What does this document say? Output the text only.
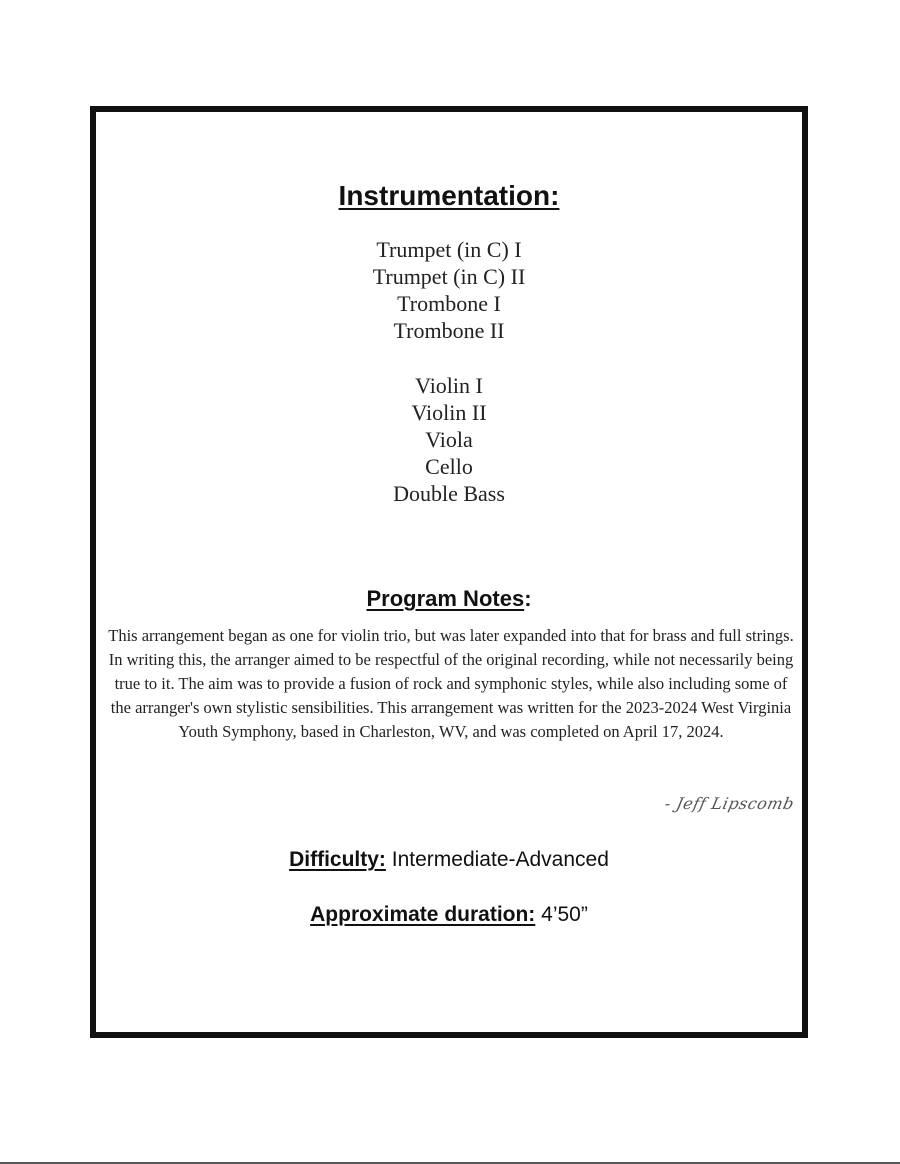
Instrumentation:
Trumpet (in C) I
Trumpet (in C) II
Trombone I
Trombone II
Violin I
Violin II
Viola
Cello
Double Bass
Program Notes:
This arrangement began as one for violin trio, but was later expanded into that for brass and full strings. In writing this, the arranger aimed to be respectful of the original recording, while not necessarily being true to it. The aim was to provide a fusion of rock and symphonic styles, while also including some of the arranger's own stylistic sensibilities. This arrangement was written for the 2023-2024 West Virginia Youth Symphony, based in Charleston, WV, and was completed on April 17, 2024.
- Jeff Lipscomb
Difficulty: Intermediate-Advanced
Approximate duration: 4’50”
